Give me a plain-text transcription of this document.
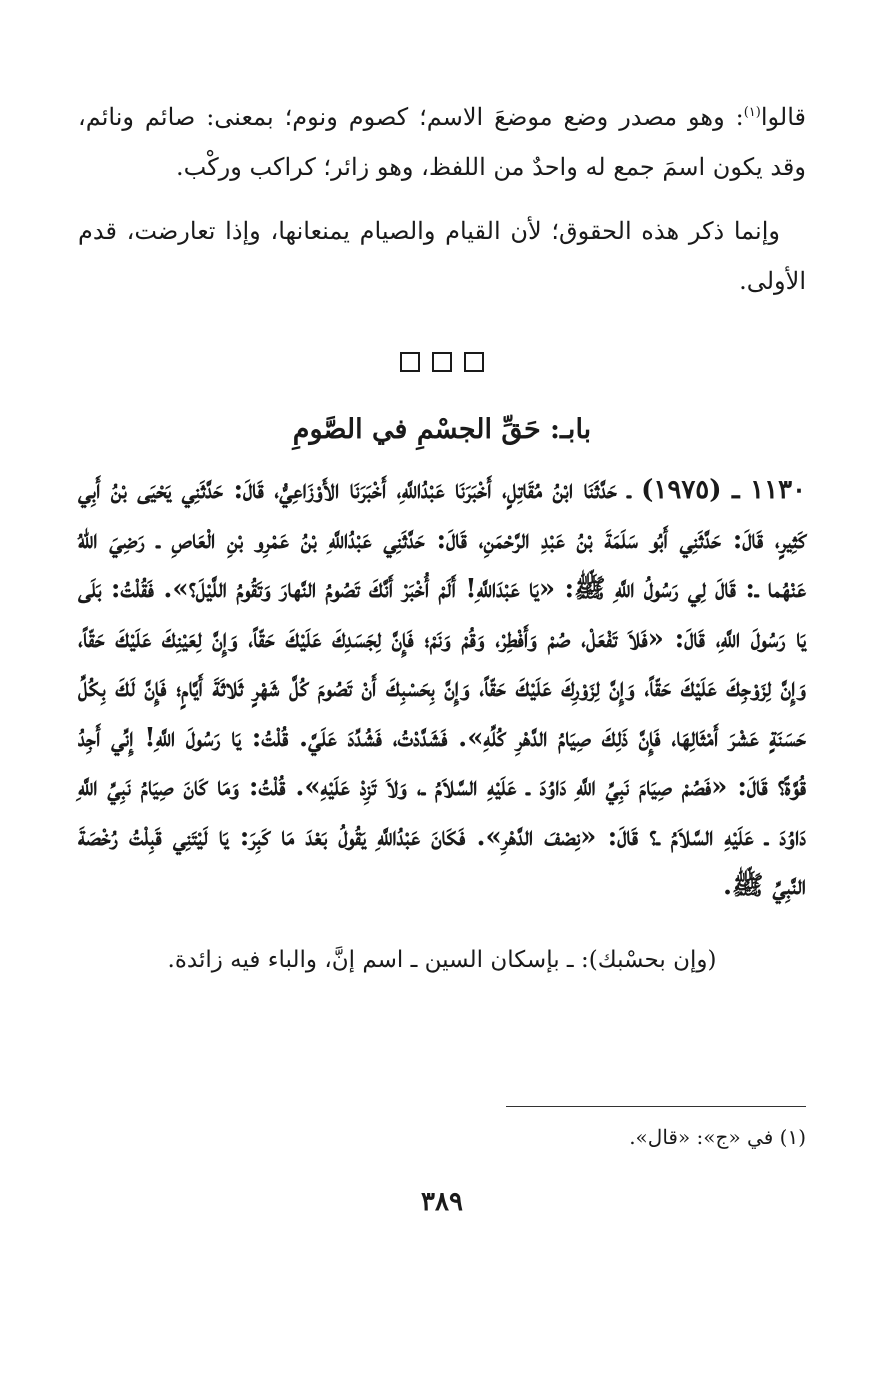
قالوا$^{(١)}$: وهو مصدر وضع موضعَ الاسم؛ كصوم ونوم؛ بمعنى: صائم ونائم، وقد يكون اسمَ جمع له واحدٌ من اللفظ، وهو زائر؛ كراكب وركْب.

وإنما ذكر هذه الحقوق؛ لأن القيام والصيام يمنعانها، وإذا تعارضت، قدم الأولى.

بابـ: حَقِّ الجسْمِ في الصَّومِ

١١٣٠ ـ (١٩٧٥) ـ حَدَّثَنَا ابْنُ مُقَاتِلٍ، أَخْبَرَنَا عَبْدُاللَّهِ، أَخْبَرَنَا الأَوْزَاعِيُّ، قَالَ: حَدَّثَنِي يَحْيَى بْنُ أَبِي كَثِيرٍ، قَالَ: حَدَّثَنِي أَبُو سَلَمَةَ بْنُ عَبْدِ الرَّحْمَنِ، قَالَ: حَدَّثَنِي عَبْدُاللَّهِ بْنُ عَمْرِو بْنِ الْعَاصِ ـ رَضِيَ اللهُ عَنْهُما ـ: قَالَ لِي رَسُولُ اللَّهِ ﷺ: «يَا عَبْدَاللَّهِ! أَلَمْ أُخْبَرْ أَنَّكَ تَصُومُ النَّهارَ وَتَقُومُ اللَّيْلَ؟». فَقُلْتُ: بَلَى يَا رَسُولَ اللَّهِ، قَالَ: «فَلاَ تَفْعَلْ، صُمْ وَأَفْطِرْ، وَقُمْ وَنَمْ؛ فَإِنَّ لِجَسَدِكَ عَلَيْكَ حَقّاً، وَإِنَّ لِعَيْنِكَ عَلَيْكَ حَقّاً، وَإِنَّ لِزَوْجِكَ عَلَيْكَ حَقّاً، وَإِنَّ لِزَوْرِكَ عَلَيْكَ حَقّاً، وَإِنَّ بِحَسْبِكَ أَنْ تَصُومَ كُلَّ شَهْرٍ ثَلاثَةَ أَيَّامٍ؛ فَإِنَّ لَكَ بِكُلِّ حَسَنَةٍ عَشْرَ أَمْثَالِهَا، فَإِنَّ ذَلِكَ صِيَامُ الدَّهْرِ كُلِّهِ». فَشَدَّدْتُ، فَشُدِّدَ عَلَيَّ. قُلْتُ: يَا رَسُولَ اللَّهِ! إِنِّي أَجِدُ قُوَّةً؟ قَالَ: «فَصُمْ صِيَامَ نَبِيِّ اللَّهِ دَاوُدَ ـ عَلَيْهِ السَّلاَمُ ـ، وَلاَ تَزِدْ عَلَيْهِ». قُلْتُ: وَمَا كَانَ صِيَامُ نَبِيِّ اللَّهِ دَاوُدَ ـ عَلَيْهِ السَّلاَمُ ـ؟ قَالَ: «نِصْفَ الدَّهْرِ». فَكَانَ عَبْدُاللَّهِ يَقُولُ بَعْدَ مَا كَبِرَ: يَا لَيْتَنِي قَبِلْتُ رُخْصَةَ النَّبِيِّ ﷺ.

(وإن بحسْبك): ـ بإسكان السين ـ اسم إنَّ، والباء فيه زائدة.

(١) في «ج»: «قال».

٣٨٩
